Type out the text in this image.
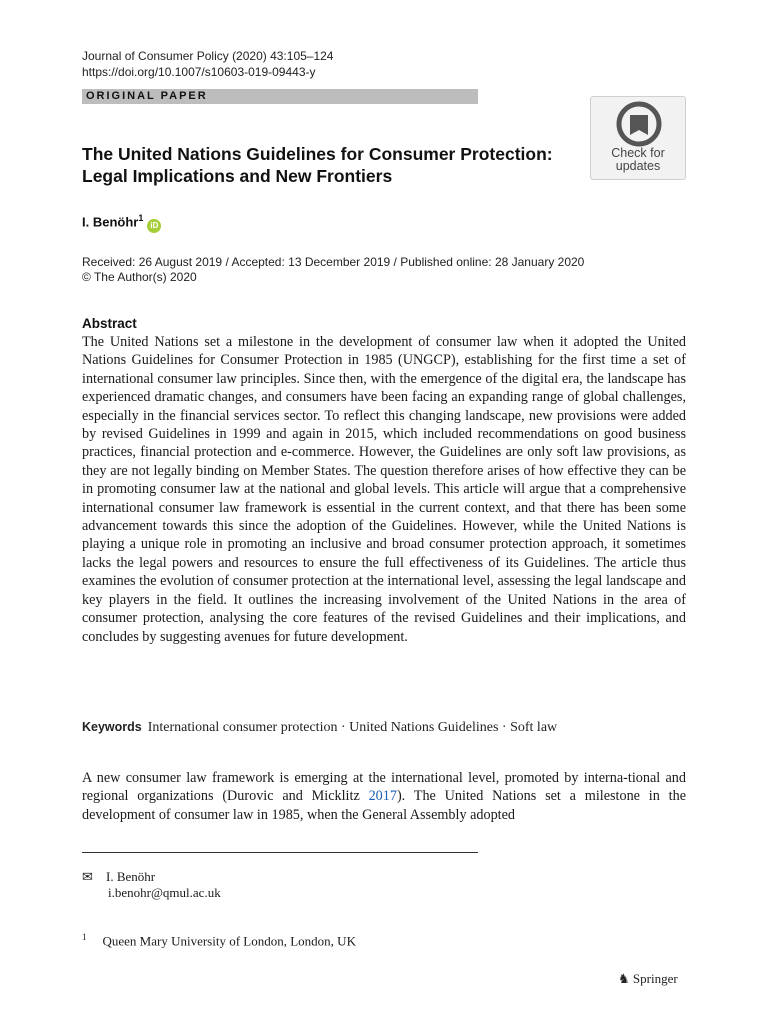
Journal of Consumer Policy (2020) 43:105–124
https://doi.org/10.1007/s10603-019-09443-y
ORIGINAL PAPER
The United Nations Guidelines for Consumer Protection:
Legal Implications and New Frontiers
Check for
updates
I. Benöhr$^1$iD
Received: 26 August 2019 / Accepted: 13 December 2019 / Published online: 28 January 2020
© The Author(s) 2020
Abstract
The United Nations set a milestone in the development of consumer law when it adopted the United Nations Guidelines for Consumer Protection in 1985 (UNGCP), establishing for the first time a set of international consumer law principles. Since then, with the emergence of the digital era, the landscape has experienced dramatic changes, and consumers have been facing an expanding range of global challenges, especially in the financial services sector. To reflect this changing landscape, new provisions were added by revised Guidelines in 1999 and again in 2015, which included recommendations on good business practices, financial protection and e-commerce. However, the Guidelines are only soft law provisions, as they are not legally binding on Member States. The question therefore arises of how effective they can be in promoting consumer law at the national and global levels. This article will argue that a comprehensive international consumer law framework is essential in the current context, and that there has been some advancement towards this since the adoption of the Guidelines. However, while the United Nations is playing a unique role in promoting an inclusive and broad consumer protection approach, it sometimes lacks the legal powers and resources to ensure the full effectiveness of its Guidelines. The article thus examines the evolution of consumer protection at the international level, assessing the legal landscape and key players in the field. It outlines the increasing involvement of the United Nations in the area of consumer protection, analysing the core features of the revised Guidelines and their implications, and concludes by suggesting avenues for future development.
Keywords International consumer protection · United Nations Guidelines · Soft law
A new consumer law framework is emerging at the international level, promoted by interna-tional and regional organizations (Durovic and Micklitz 2017). The United Nations set a milestone in the development of consumer law in 1985, when the General Assembly adopted
✉ I. Benöhr
i.benohr@qmul.ac.uk
$^1$ Queen Mary University of London, London, UK
♞ Springer
